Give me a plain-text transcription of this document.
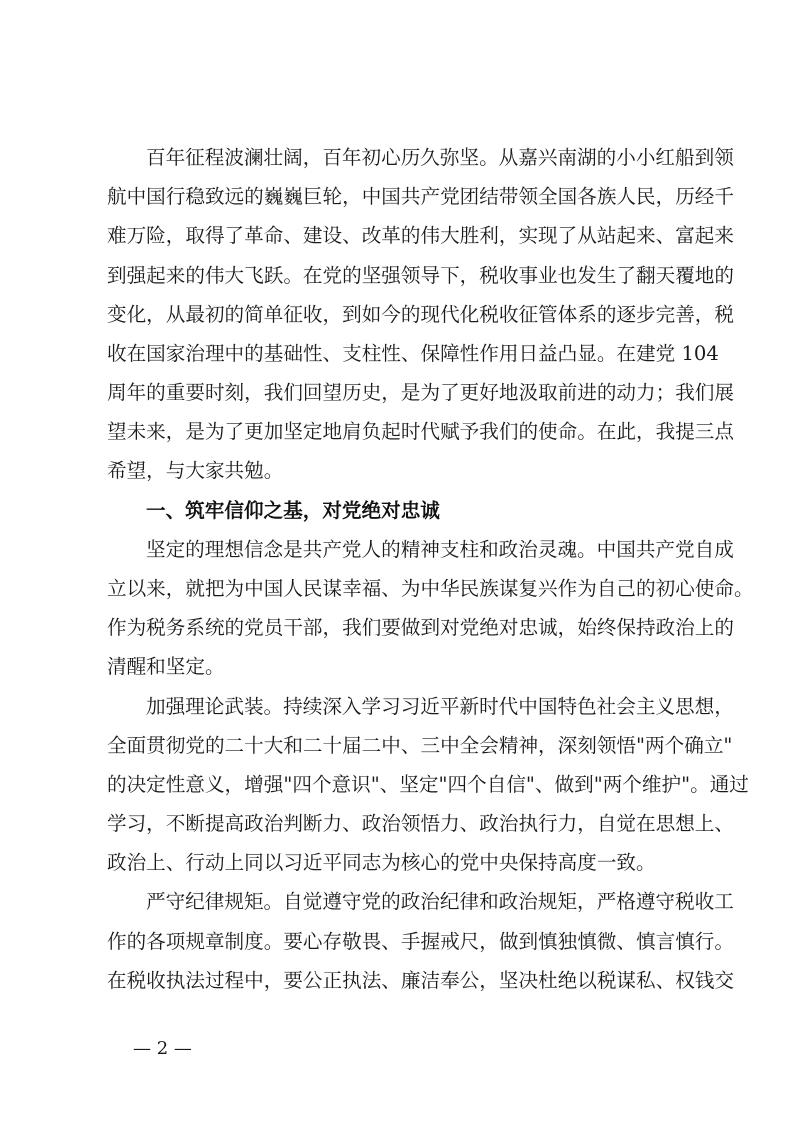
百年征程波澜壮阔，百年初心历久弥坚。从嘉兴南湖的小小红船到领
航中国行稳致远的巍巍巨轮，中国共产党团结带领全国各族人民，历经千
难万险，取得了革命、建设、改革的伟大胜利，实现了从站起来、富起来
到强起来的伟大飞跃。在党的坚强领导下，税收事业也发生了翻天覆地的
变化，从最初的简单征收，到如今的现代化税收征管体系的逐步完善，税
收在国家治理中的基础性、支柱性、保障性作用日益凸显。在建党 104
周年的重要时刻，我们回望历史，是为了更好地汲取前进的动力；我们展
望未来，是为了更加坚定地肩负起时代赋予我们的使命。在此，我提三点
希望，与大家共勉。
一、筑牢信仰之基，对党绝对忠诚
坚定的理想信念是共产党人的精神支柱和政治灵魂。中国共产党自成
立以来，就把为中国人民谋幸福、为中华民族谋复兴作为自己的初心使命。
作为税务系统的党员干部，我们要做到对党绝对忠诚，始终保持政治上的
清醒和坚定。
加强理论武装。持续深入学习习近平新时代中国特色社会主义思想，
全面贯彻党的二十大和二十届二中、三中全会精神，深刻领悟"两个确立"
的决定性意义，增强"四个意识"、坚定"四个自信"、做到"两个维护"。通过
学习，不断提高政治判断力、政治领悟力、政治执行力，自觉在思想上、
政治上、行动上同以习近平同志为核心的党中央保持高度一致。
严守纪律规矩。自觉遵守党的政治纪律和政治规矩，严格遵守税收工
作的各项规章制度。要心存敬畏、手握戒尺，做到慎独慎微、慎言慎行。
在税收执法过程中，要公正执法、廉洁奉公，坚决杜绝以税谋私、权钱交
— 2 —
